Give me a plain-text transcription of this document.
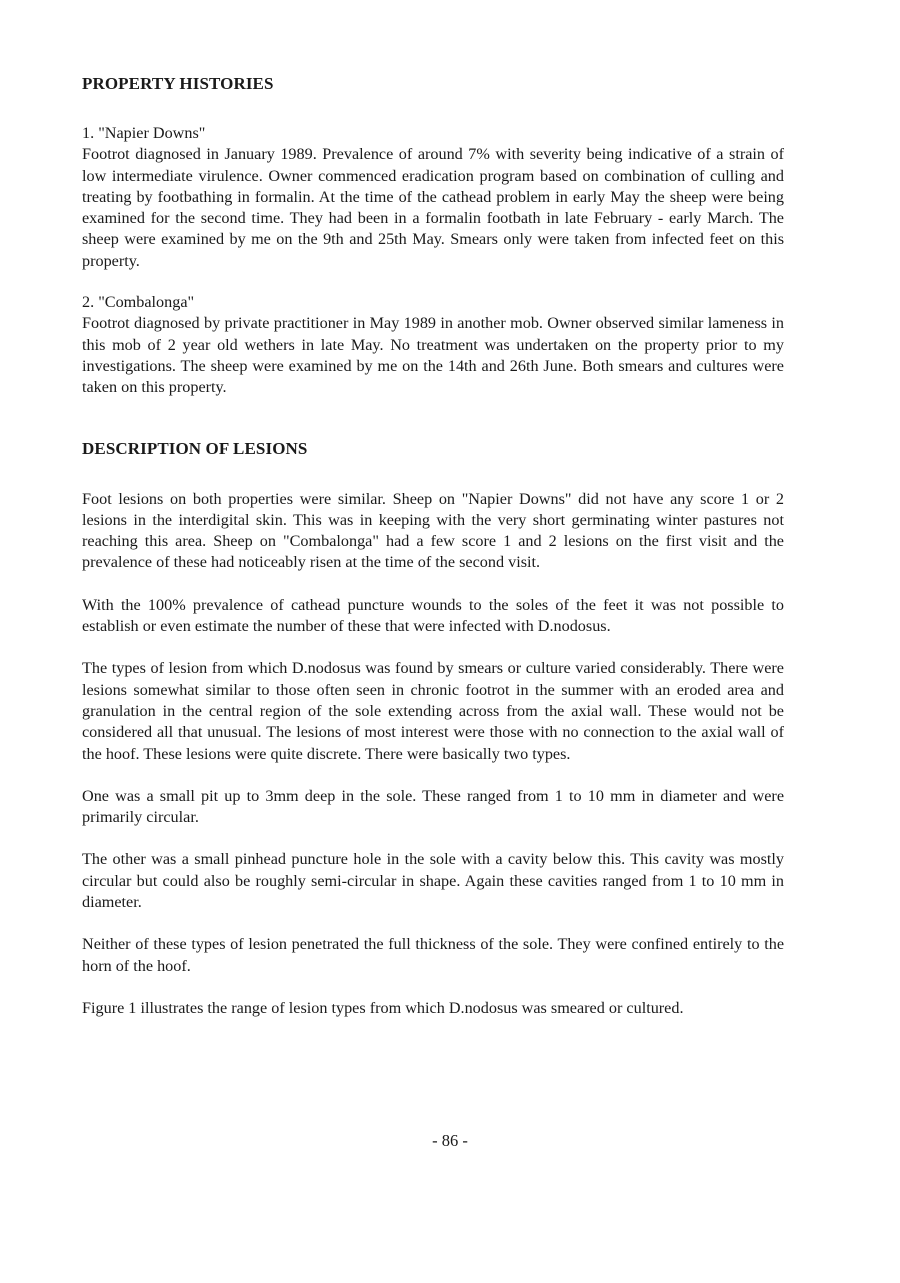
PROPERTY HISTORIES
1. "Napier Downs"

Footrot diagnosed in January 1989. Prevalence of around 7% with severity being indicative of a strain of low intermediate virulence. Owner commenced eradication program based on combination of culling and treating by footbathing in formalin. At the time of the cathead problem in early May the sheep were being examined for the second time. They had been in a formalin footbath in late February - early March. The sheep were examined by me on the 9th and 25th May. Smears only were taken from infected feet on this property.

2. "Combalonga"

Footrot diagnosed by private practitioner in May 1989 in another mob. Owner observed similar lameness in this mob of 2 year old wethers in late May. No treatment was undertaken on the property prior to my investigations. The sheep were examined by me on the 14th and 26th June. Both smears and cultures were taken on this property.

DESCRIPTION OF LESIONS

Foot lesions on both properties were similar. Sheep on "Napier Downs" did not have any score 1 or 2 lesions in the interdigital skin. This was in keeping with the very short germinating winter pastures not reaching this area. Sheep on "Combalonga" had a few score 1 and 2 lesions on the first visit and the prevalence of these had noticeably risen at the time of the second visit.

With the 100% prevalence of cathead puncture wounds to the soles of the feet it was not possible to establish or even estimate the number of these that were infected with D.nodosus.

The types of lesion from which D.nodosus was found by smears or culture varied considerably. There were lesions somewhat similar to those often seen in chronic footrot in the summer with an eroded area and granulation in the central region of the sole extending across from the axial wall. These would not be considered all that unusual. The lesions of most interest were those with no connection to the axial wall of the hoof. These lesions were quite discrete. There were basically two types.

One was a small pit up to 3mm deep in the sole. These ranged from 1 to 10 mm in diameter and were primarily circular.

The other was a small pinhead puncture hole in the sole with a cavity below this. This cavity was mostly circular but could also be roughly semi-circular in shape. Again these cavities ranged from 1 to 10 mm in diameter.

Neither of these types of lesion penetrated the full thickness of the sole. They were confined entirely to the horn of the hoof.

Figure 1 illustrates the range of lesion types from which D.nodosus was smeared or cultured.

- 86 -
